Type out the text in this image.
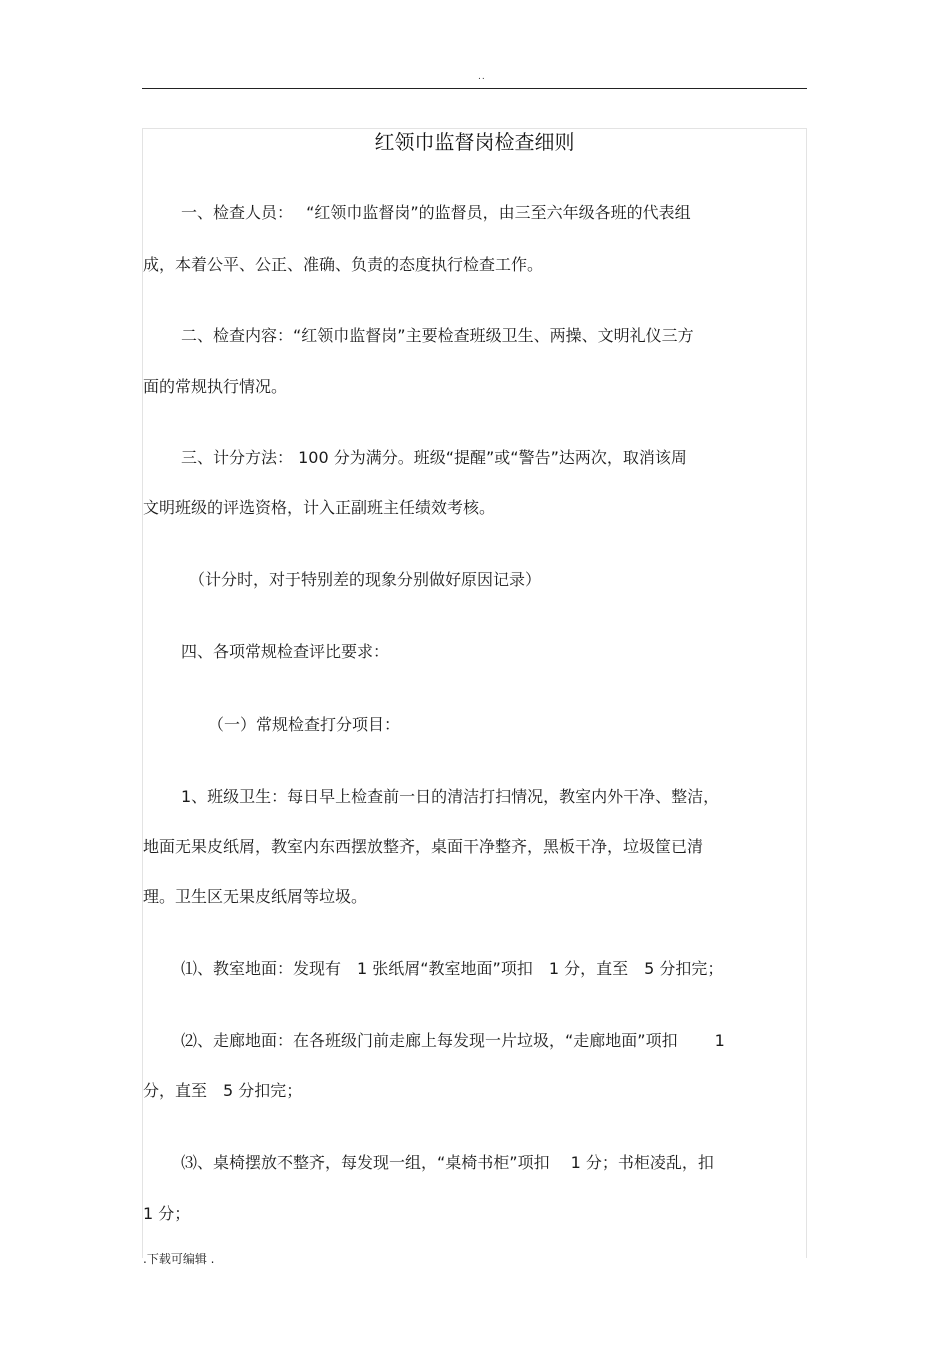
..
红领巾监督岗检查细则
一、检查人员：　 “红领巾监督岗”的监督员，由三至六年级各班的代表组
成，本着公平、公正、准确、负责的态度执行检查工作。
二、检查内容：“红领巾监督岗”主要检查班级卫生、两操、文明礼仪三方
面的常规执行情况。
三、计分方法： 100 分为满分。班级“提醒”或“警告”达两次，取消该周
文明班级的评选资格，计入正副班主任绩效考核。
（计分时，对于特别差的现象分别做好原因记录）
四、各项常规检查评比要求：
（一）常规检查打分项目：
1、班级卫生：每日早上检查前一日的清洁打扫情况，教室内外干净、整洁，
地面无果皮纸屑，教室内东西摆放整齐，桌面干净整齐，黑板干净，垃圾筐已清
理。卫生区无果皮纸屑等垃圾。
⑴、教室地面：发现有　1 张纸屑“教室地面”项扣　1 分，直至　5 分扣完；
⑵、走廊地面：在各班级门前走廊上每发现一片垃圾，“走廊地面”项扣　　 1
分，直至　5 分扣完；
⑶、桌椅摆放不整齐，每发现一组，“桌椅书柜”项扣　 1 分；书柜凌乱，扣
1 分；
.下载可编辑 .
